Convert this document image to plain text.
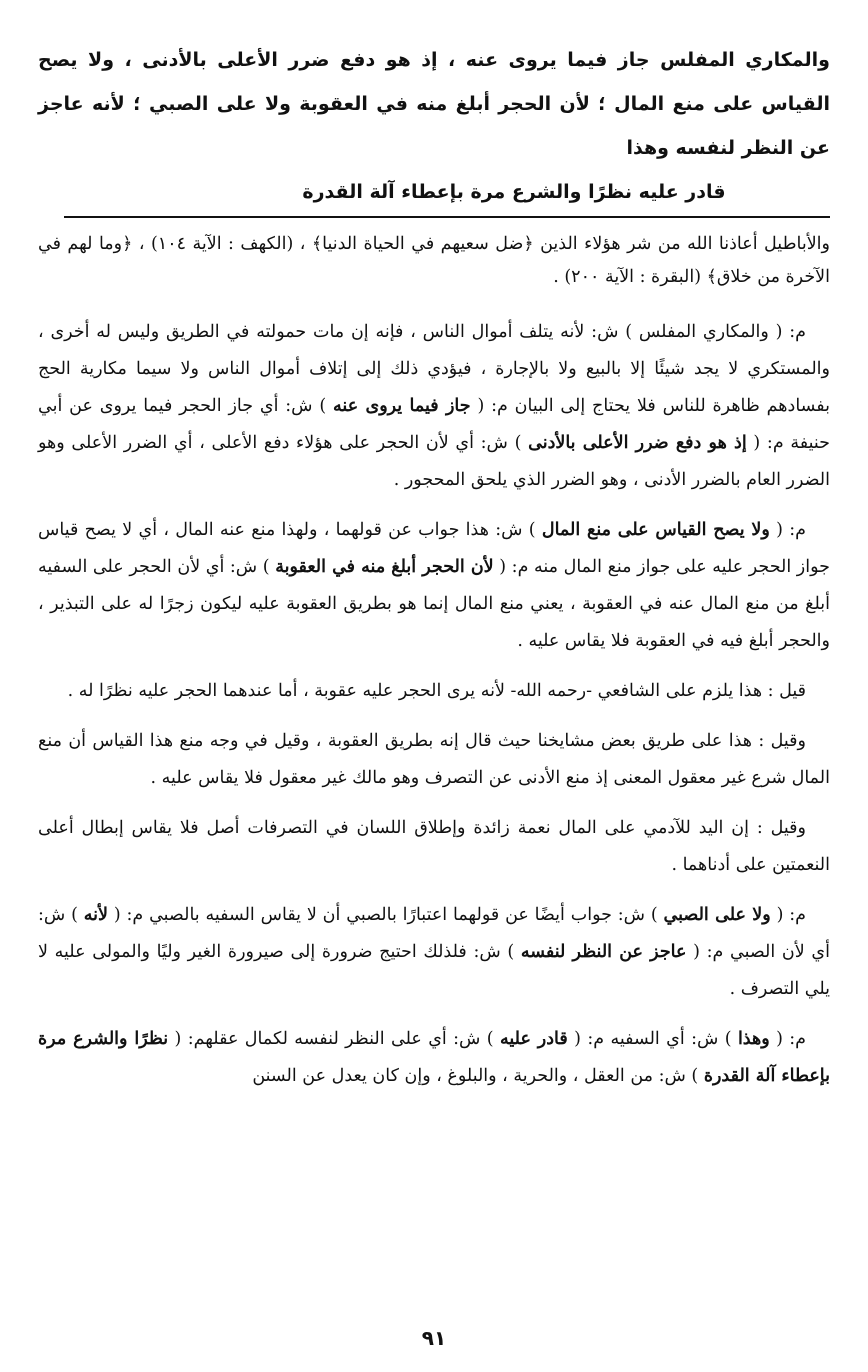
والمكاري المفلس جاز فيما يروى عنه ، إذ هو دفع ضرر الأعلى بالأدنى ، ولا يصح القياس على منع المال ؛ لأن الحجر أبلغ منه في العقوبة ولا على الصبي ؛ لأنه عاجز عن النظر لنفسه وهذا
قادر عليه نظرًا والشرع مرة بإعطاء آلة القدرة

والأباطيل أعاذنا الله من شر هؤلاء الذين ﴿ضل سعيهم في الحياة الدنيا﴾ ، (الكهف : الآية ١٠٤) ، ﴿وما لهم في الآخرة من خلاق﴾ (البقرة : الآية ٢٠٠) .

م: ( والمكاري المفلس ) ش: لأنه يتلف أموال الناس ، فإنه إن مات حمولته في الطريق وليس له أخرى ، والمستكري لا يجد شيئًا إلا بالبيع ولا بالإجارة ، فيؤدي ذلك إلى إتلاف أموال الناس ولا سيما مكارية الحج بفسادهم ظاهرة للناس فلا يحتاج إلى البيان م: ( جاز فيما يروى عنه ) ش: أي جاز الحجر فيما يروى عن أبي حنيفة م: ( إذ هو دفع ضرر الأعلى بالأدنى ) ش: أي لأن الحجر على هؤلاء دفع الأعلى ، أي الضرر الأعلى وهو الضرر العام بالضرر الأدنى ، وهو الضرر الذي يلحق المحجور .

م: ( ولا يصح القياس على منع المال ) ش: هذا جواب عن قولهما ، ولهذا منع عنه المال ، أي لا يصح قياس جواز الحجر عليه على جواز منع المال منه م: ( لأن الحجر أبلغ منه في العقوبة ) ش: أي لأن الحجر على السفيه أبلغ من منع المال عنه في العقوبة ، يعني منع المال إنما هو بطريق العقوبة عليه ليكون زجرًا له على التبذير ، والحجر أبلغ فيه في العقوبة فلا يقاس عليه .

قيل : هذا يلزم على الشافعي -رحمه الله- لأنه يرى الحجر عليه عقوبة ، أما عندهما الحجر عليه نظرًا له .

وقيل : هذا على طريق بعض مشايخنا حيث قال إنه بطريق العقوبة ، وقيل في وجه منع هذا القياس أن منع المال شرع غير معقول المعنى إذ منع الأدنى عن التصرف وهو مالك غير معقول فلا يقاس عليه .

وقيل : إن اليد للآدمي على المال نعمة زائدة وإطلاق اللسان في التصرفات أصل فلا يقاس إبطال أعلى النعمتين على أدناهما .

م: ( ولا على الصبي ) ش: جواب أيضًا عن قولهما اعتبارًا بالصبي أن لا يقاس السفيه بالصبي م: ( لأنه ) ش: أي لأن الصبي م: ( عاجز عن النظر لنفسه ) ش: فلذلك احتيج ضرورة إلى صيرورة الغير وليًا والمولى عليه لا يلي التصرف .

م: ( وهذا ) ش: أي السفيه م: ( قادر عليه ) ش: أي على النظر لنفسه لكمال عقلهم: ( نظرًا والشرع مرة بإعطاء آلة القدرة ) ش: من العقل ، والحرية ، والبلوغ ، وإن كان يعدل عن السنن

٩١
